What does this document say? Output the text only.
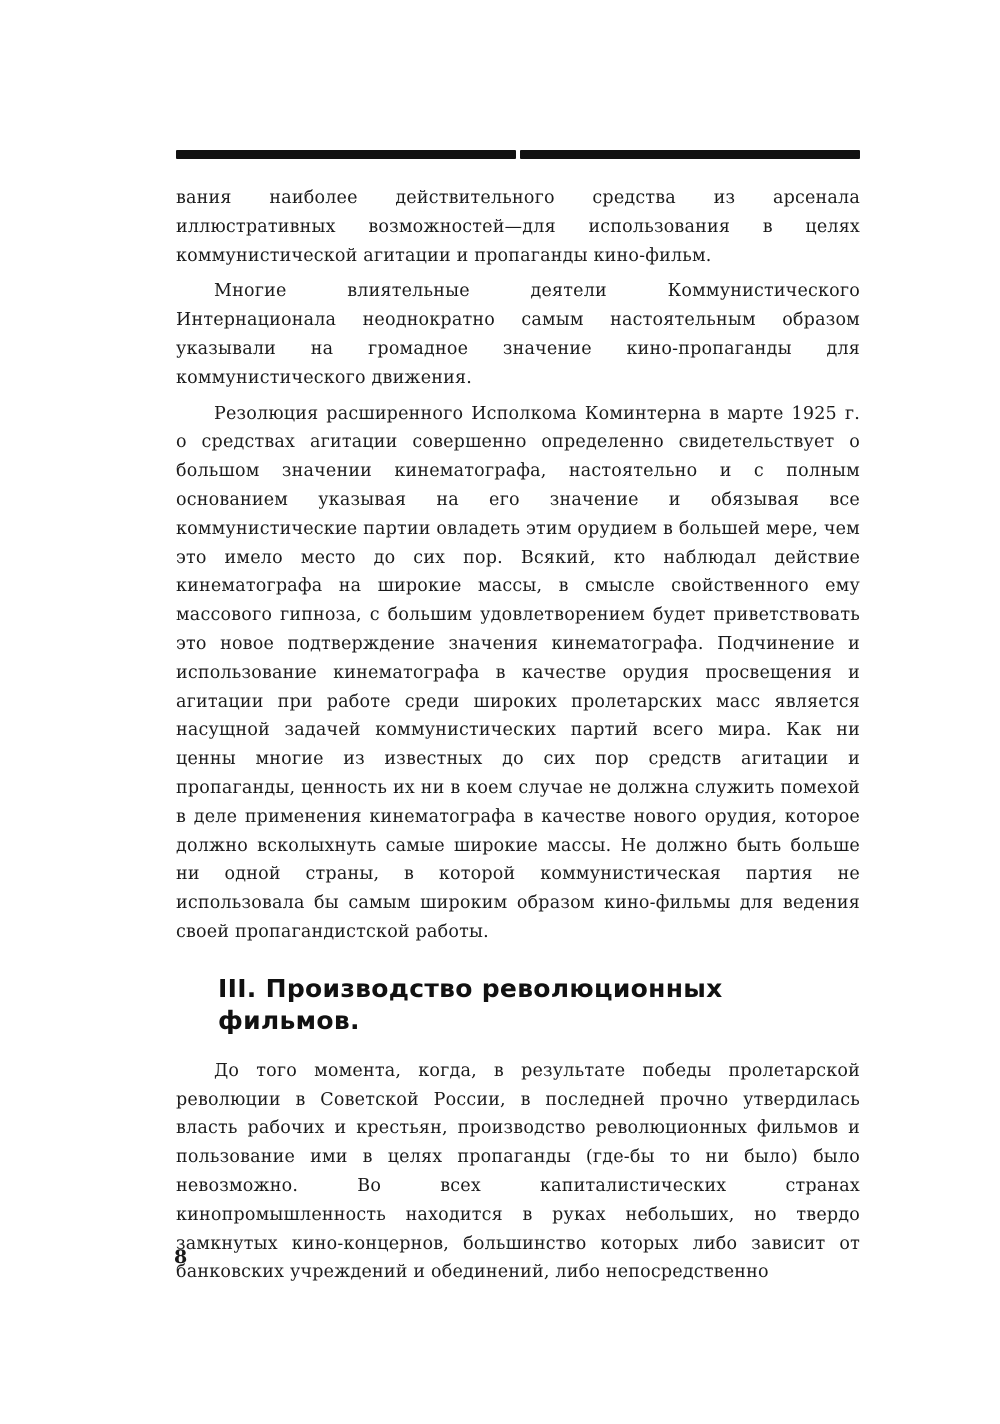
вания наиболее действительного средства из арсенала иллюстративных возможностей—для использования в целях коммунистической агитации и пропаганды кино-фильм.

Многие влиятельные деятели Коммунистического Интернационала неоднократно самым настоятельным образом указывали на громадное значение кино-пропаганды для коммунистического движения.

Резолюция расширенного Исполкома Коминтерна в марте 1925 г. о средствах агитации совершенно определенно свидетельствует о большом значении кинематографа, настоятельно и с полным основанием указывая на его значение и обязывая все коммунистические партии овладеть этим орудием в большей мере, чем это имело место до сих пор. Всякий, кто наблюдал действие кинематографа на широкие массы, в смысле свойственного ему массового гипноза, с большим удовлетворением будет приветствовать это новое подтверждение значения кинематографа. Подчинение и использование кинематографа в качестве орудия просвещения и агитации при работе среди широких пролетарских масс является насущной задачей коммунистических партий всего мира. Как ни ценны многие из известных до сих пор средств агитации и пропаганды, ценность их ни в коем случае не должна служить помехой в деле применения кинематографа в качестве нового орудия, которое должно всколыхнуть самые широкие массы. Не должно быть больше ни одной страны, в которой коммунистическая партия не использовала бы самым широким образом кино-фильмы для ведения своей пропагандистской работы.

III. Производство революционных фильмов.

До того момента, когда, в результате победы пролетарской революции в Советской России, в последней прочно утвердилась власть рабочих и крестьян, производство революционных фильмов и пользование ими в целях пропаганды (где-бы то ни было) было невозможно. Во всех капиталистических странах кинопромышленность находится в руках небольших, но твердо замкнутых кино-концернов, большинство которых либо зависит от банковских учреждений и обединений, либо непосредственно

8
